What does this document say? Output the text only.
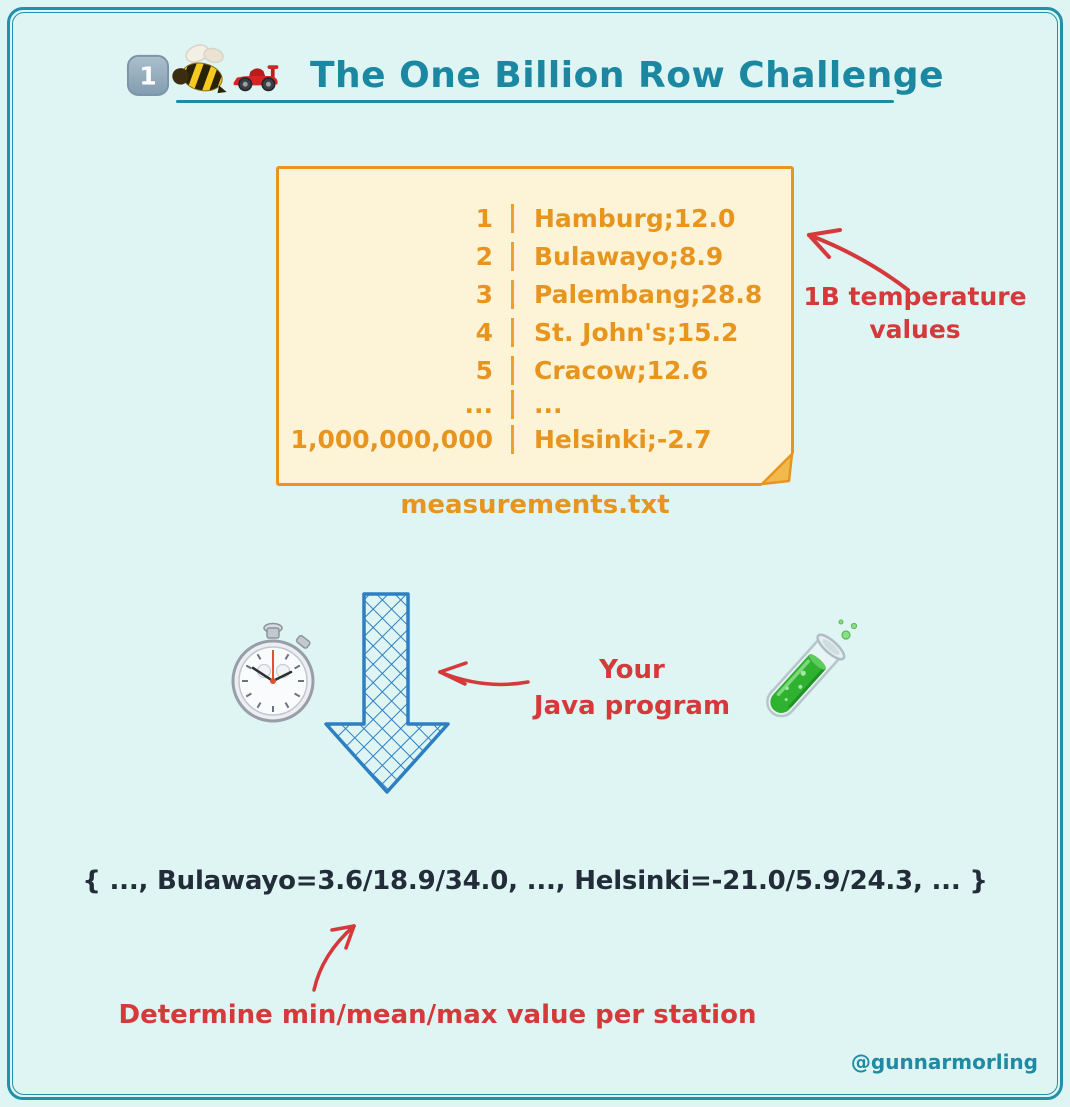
1	The One Billion Row Challenge
1	Hamburg;12.0
2	Bulawayo;8.9
3	Palembang;28.8
4	St. John's;15.2
5	Cracow;12.6
...	...
1,000,000,000	Helsinki;-2.7
measurements.txt
1B temperature values
Your
Java program
{ ..., Bulawayo=3.6/18.9/34.0, ..., Helsinki=-21.0/5.9/24.3, ... }
Determine min/mean/max value per station
@gunnarmorling
